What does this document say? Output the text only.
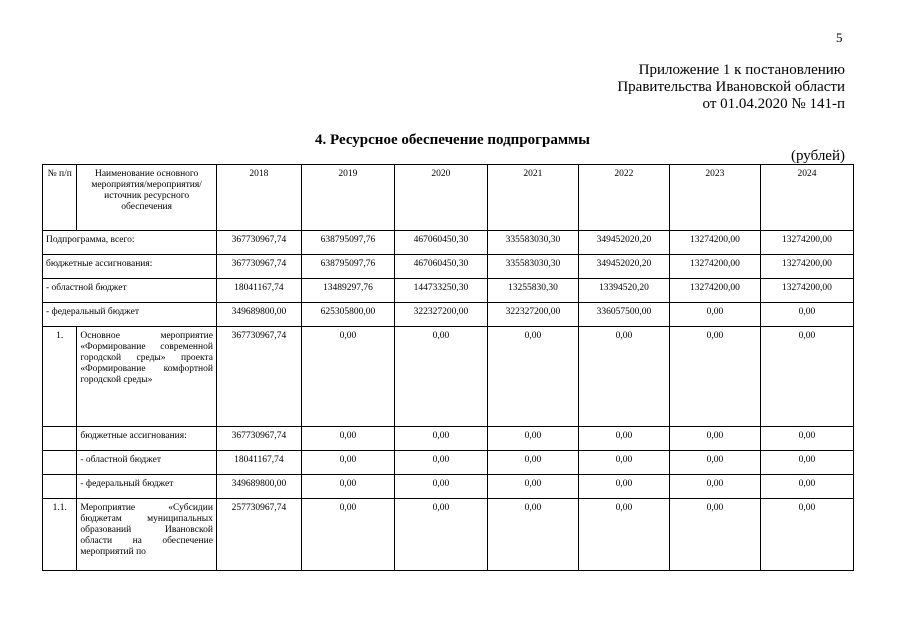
5
Приложение 1 к постановлению
Правительства Ивановской области
от 01.04.2020 № 141-п
4. Ресурсное обеспечение подпрограммы
(рублей)
№ п/п	Наименование основного мероприятия/мероприятия/ источник ресурсного обеспечения	2018	2019	2020	2021	2022	2023	2024
Подпрограмма, всего:		367730967,74	638795097,76	467060450,30	335583030,30	349452020,20	13274200,00	13274200,00
бюджетные ассигнования:		367730967,74	638795097,76	467060450,30	335583030,30	349452020,20	13274200,00	13274200,00
- областной бюджет		18041167,74	13489297,76	144733250,30	13255830,30	13394520,20	13274200,00	13274200,00
- федеральный бюджет		349689800,00	625305800,00	322327200,00	322327200,00	336057500,00	0,00	0,00
1.	Основное мероприятие «Формирование современной городской среды» проекта «Формирование комфортной городской среды»	367730967,74	0,00	0,00	0,00	0,00	0,00	0,00
	бюджетные ассигнования:	367730967,74	0,00	0,00	0,00	0,00	0,00	0,00
	- областной бюджет	18041167,74	0,00	0,00	0,00	0,00	0,00	0,00
	- федеральный бюджет	349689800,00	0,00	0,00	0,00	0,00	0,00	0,00
1.1.	Мероприятие «Субсидии бюджетам муниципальных образований Ивановской области на обеспечение мероприятий по	257730967,74	0,00	0,00	0,00	0,00	0,00	0,00
